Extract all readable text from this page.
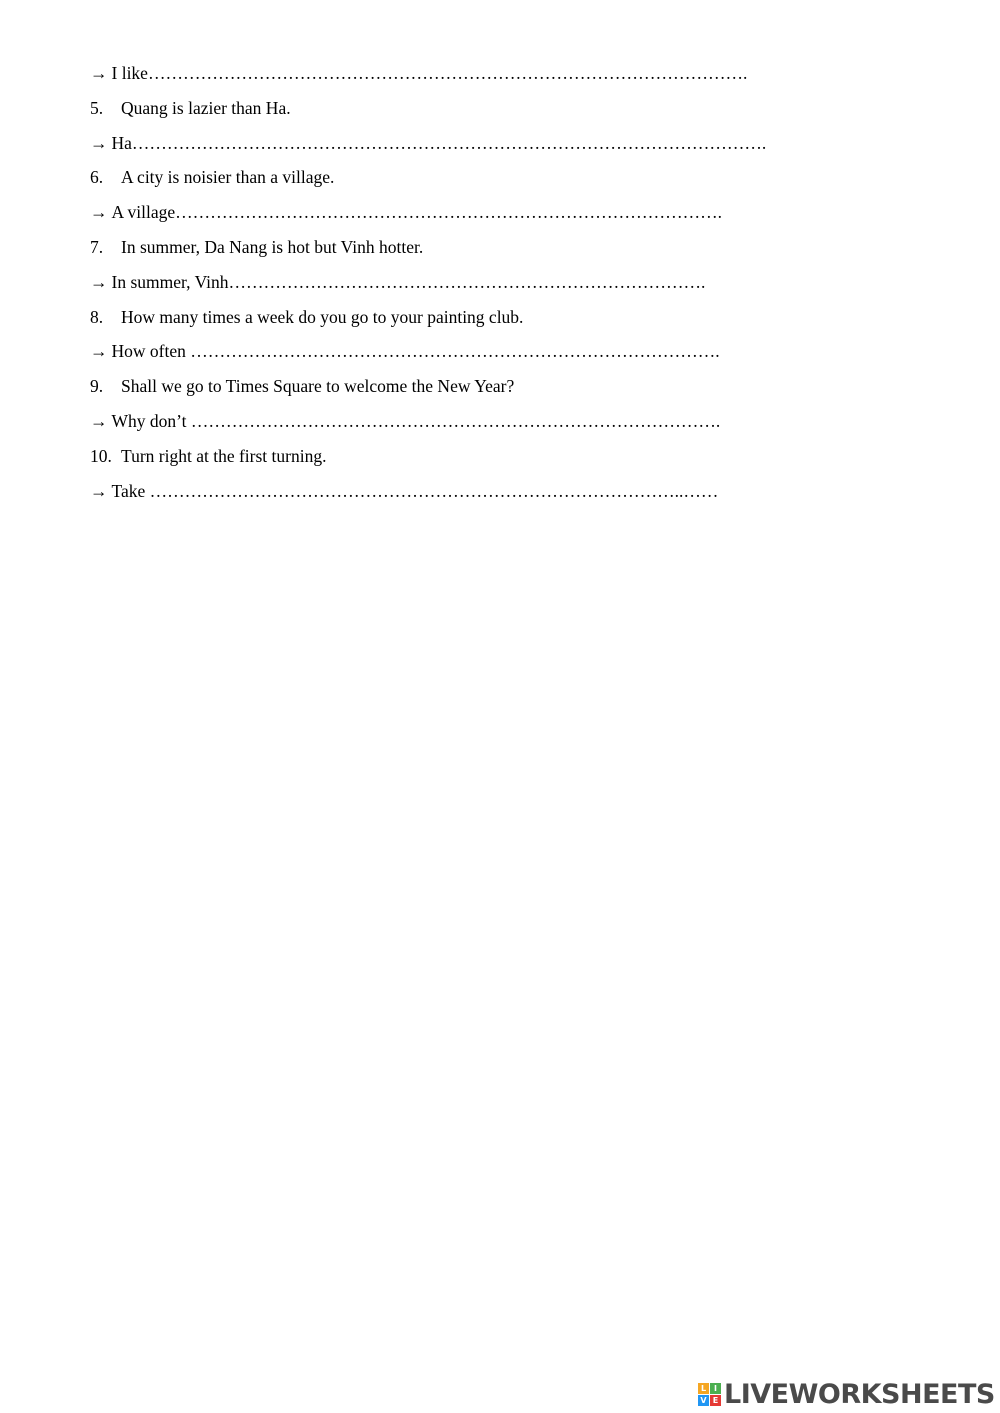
→ I like………………………………………………………………………………………….
5. Quang is lazier than Ha.
→ Ha……………………………………………………………………………………………….
6. A city is noisier than a village.
→ A village………………………………………………………………………………….
7. In summer, Da Nang is hot but Vinh hotter.
→ In summer, Vinh……………………………………………………………………….
8. How many times a week do you go to your painting club.
→ How often ……………………………………………………………………………….
9. Shall we go to Times Square to welcome the New Year?
→ Why don’t ……………………………………………………………………………….
10. Turn right at the first turning.
→ Take ………………………………………………………………………………..……
L I
V E LIVEWORKSHEETS
